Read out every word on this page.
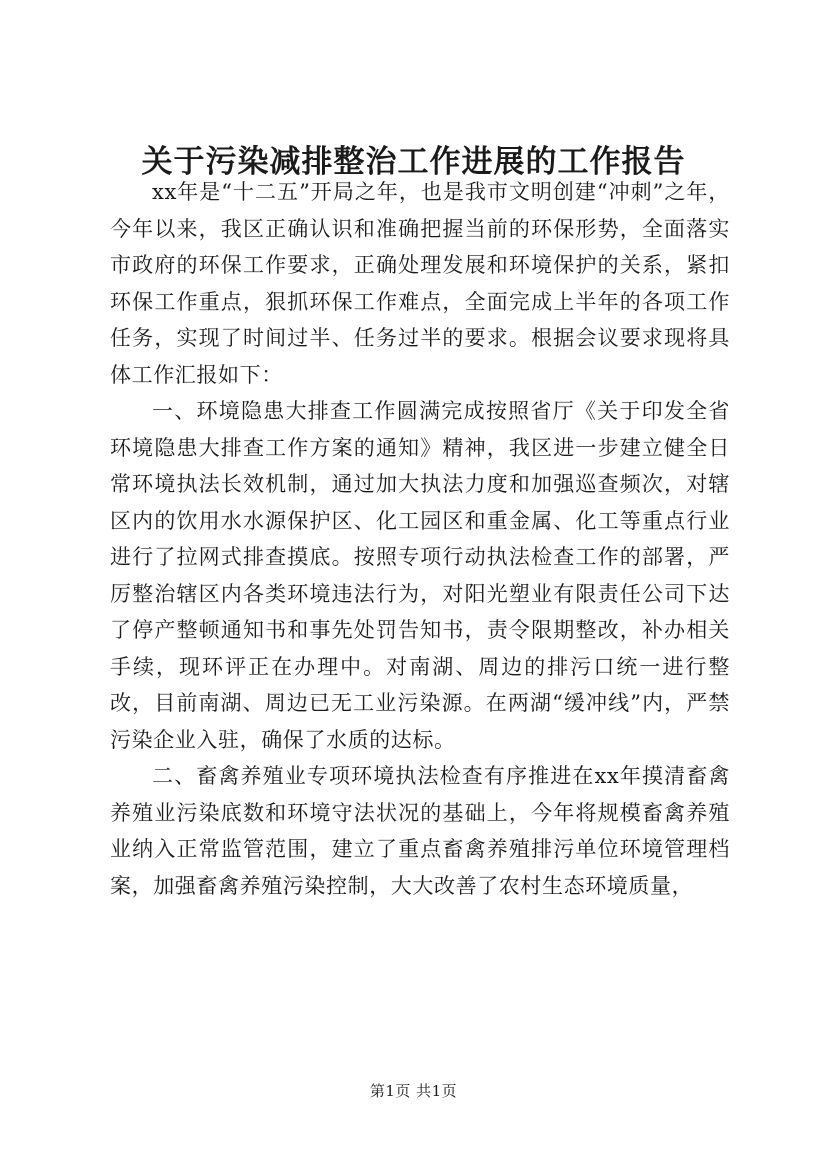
关于污染减排整治工作进展的工作报告

xx年是“十二五”开局之年，也是我市文明创建“冲刺”之年，今年以来，我区正确认识和准确把握当前的环保形势，全面落实市政府的环保工作要求，正确处理发展和环境保护的关系，紧扣环保工作重点，狠抓环保工作难点，全面完成上半年的各项工作任务，实现了时间过半、任务过半的要求。根据会议要求现将具体工作汇报如下：

一、环境隐患大排查工作圆满完成按照省厅《关于印发全省环境隐患大排查工作方案的通知》精神，我区进一步建立健全日常环境执法长效机制，通过加大执法力度和加强巡查频次，对辖区内的饮用水水源保护区、化工园区和重金属、化工等重点行业进行了拉网式排查摸底。按照专项行动执法检查工作的部署，严厉整治辖区内各类环境违法行为，对阳光塑业有限责任公司下达了停产整顿通知书和事先处罚告知书，责令限期整改，补办相关手续，现环评正在办理中。对南湖、周边的排污口统一进行整改，目前南湖、周边已无工业污染源。在两湖“缓冲线”内，严禁污染企业入驻，确保了水质的达标。

二、畜禽养殖业专项环境执法检查有序推进在xx年摸清畜禽养殖业污染底数和环境守法状况的基础上，今年将规模畜禽养殖业纳入正常监管范围，建立了重点畜禽养殖排污单位环境管理档案，加强畜禽养殖污染控制，大大改善了农村生态环境质量，

第1页 共1页
